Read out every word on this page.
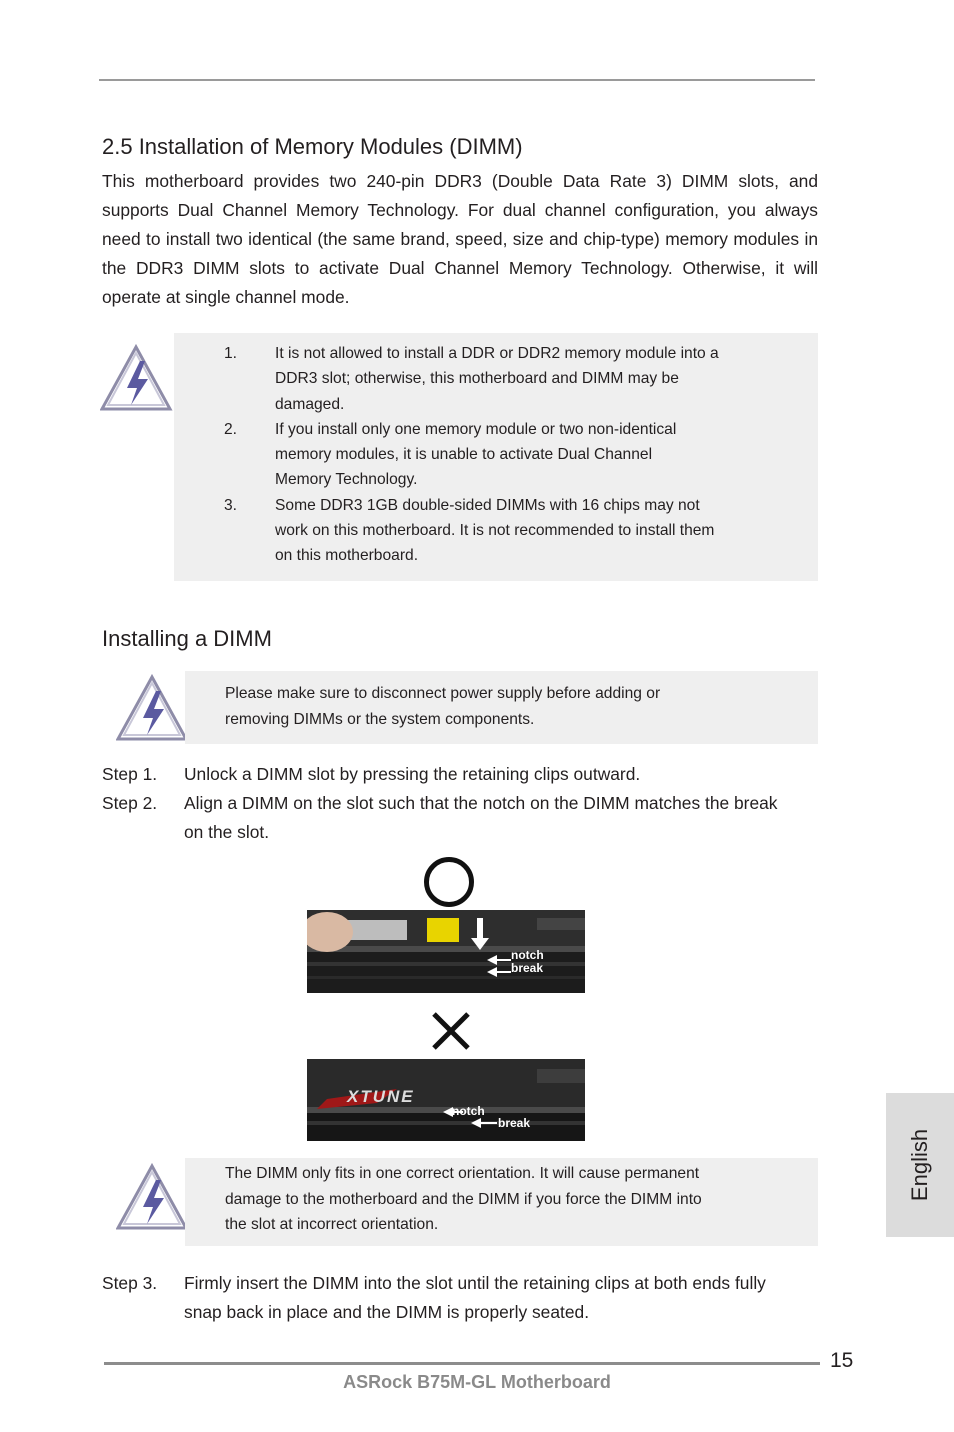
2.5 Installation of Memory Modules (DIMM)

This motherboard provides two 240-pin DDR3 (Double Data Rate 3) DIMM slots, and supports Dual Channel Memory Technology. For dual channel configuration, you always need to install two identical (the same brand, speed, size and chip-type) memory modules in the DDR3 DIMM slots to activate Dual Channel Memory Technology. Otherwise, it will operate at single channel mode.

1. It is not allowed to install a DDR or DDR2 memory module into a
DDR3 slot; otherwise, this motherboard and DIMM may be
damaged.
2. If you install only one memory module or two non-identical
memory modules, it is unable to activate Dual Channel
Memory Technology.
3. Some DDR3 1GB double-sided DIMMs with 16 chips may not
work on this motherboard. It is not recommended to install them
on this motherboard.
Installing a DIMM

Please make sure to disconnect power supply before adding or
removing DIMMs or the system components.

Step 1. Unlock a DIMM slot by pressing the retaining clips outward.
Step 2. Align a DIMM on the slot such that the notch on the DIMM matches the break on the slot.
notch
break
XTUNE
notch
break

The DIMM only fits in one correct orientation. It will cause permanent
damage to the motherboard and the DIMM if you force the DIMM into
the slot at incorrect orientation.

Step 3. Firmly insert the DIMM into the slot until the retaining clips at both ends fully snap back in place and the DIMM is properly seated.
English
15
ASRock B75M-GL Motherboard
